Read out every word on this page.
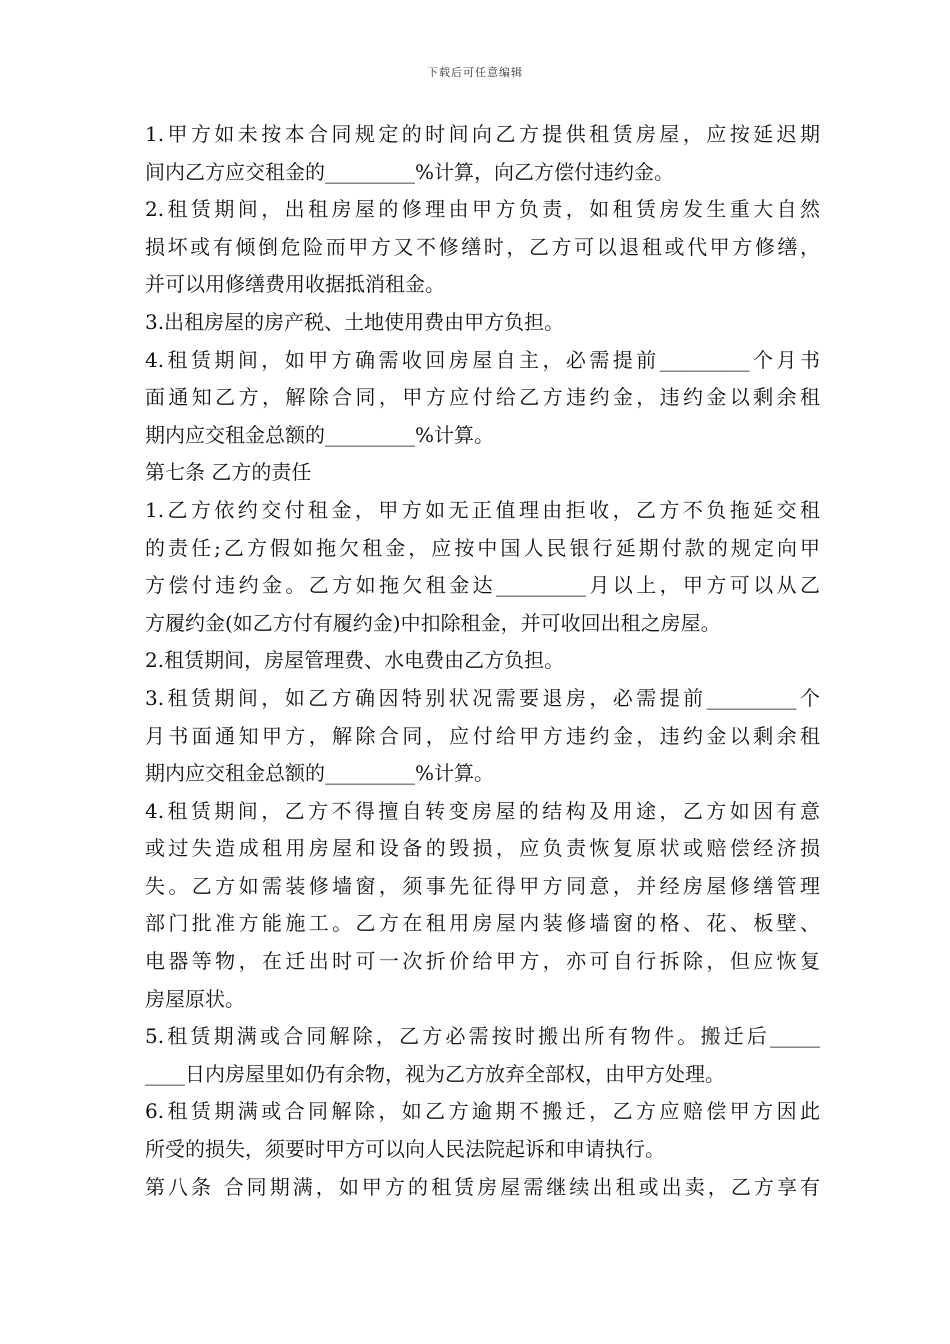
下载后可任意编辑
1.甲方如未按本合同规定的时间向乙方提供租赁房屋，应按延迟期
间内乙方应交租金的_________%计算，向乙方偿付违约金。
2.租赁期间，出租房屋的修理由甲方负责，如租赁房发生重大自然
损坏或有倾倒危险而甲方又不修缮时，乙方可以退租或代甲方修缮，
并可以用修缮费用收据抵消租金。
3.出租房屋的房产税、土地使用费由甲方负担。
4.租赁期间，如甲方确需收回房屋自主，必需提前_________个月书
面通知乙方，解除合同，甲方应付给乙方违约金，违约金以剩余租
期内应交租金总额的_________%计算。
第七条 乙方的责任
1.乙方依约交付租金，甲方如无正值理由拒收，乙方不负拖延交租
的责任;乙方假如拖欠租金，应按中国人民银行延期付款的规定向甲
方偿付违约金。乙方如拖欠租金达_________月以上，甲方可以从乙
方履约金(如乙方付有履约金)中扣除租金，并可收回出租之房屋。
2.租赁期间，房屋管理费、水电费由乙方负担。
3.租赁期间，如乙方确因特别状况需要退房，必需提前_________个
月书面通知甲方，解除合同，应付给甲方违约金，违约金以剩余租
期内应交租金总额的_________%计算。
4.租赁期间，乙方不得擅自转变房屋的结构及用途，乙方如因有意
或过失造成租用房屋和设备的毁损，应负责恢复原状或赔偿经济损
失。乙方如需装修墙窗，须事先征得甲方同意，并经房屋修缮管理
部门批准方能施工。乙方在租用房屋内装修墙窗的格、花、板壁、
电器等物，在迁出时可一次折价给甲方，亦可自行拆除，但应恢复
房屋原状。
5.租赁期满或合同解除，乙方必需按时搬出所有物件。搬迁后_____
____日内房屋里如仍有余物，视为乙方放弃全部权，由甲方处理。
6.租赁期满或合同解除，如乙方逾期不搬迁，乙方应赔偿甲方因此
所受的损失，须要时甲方可以向人民法院起诉和申请执行。
第八条 合同期满，如甲方的租赁房屋需继续出租或出卖，乙方享有
